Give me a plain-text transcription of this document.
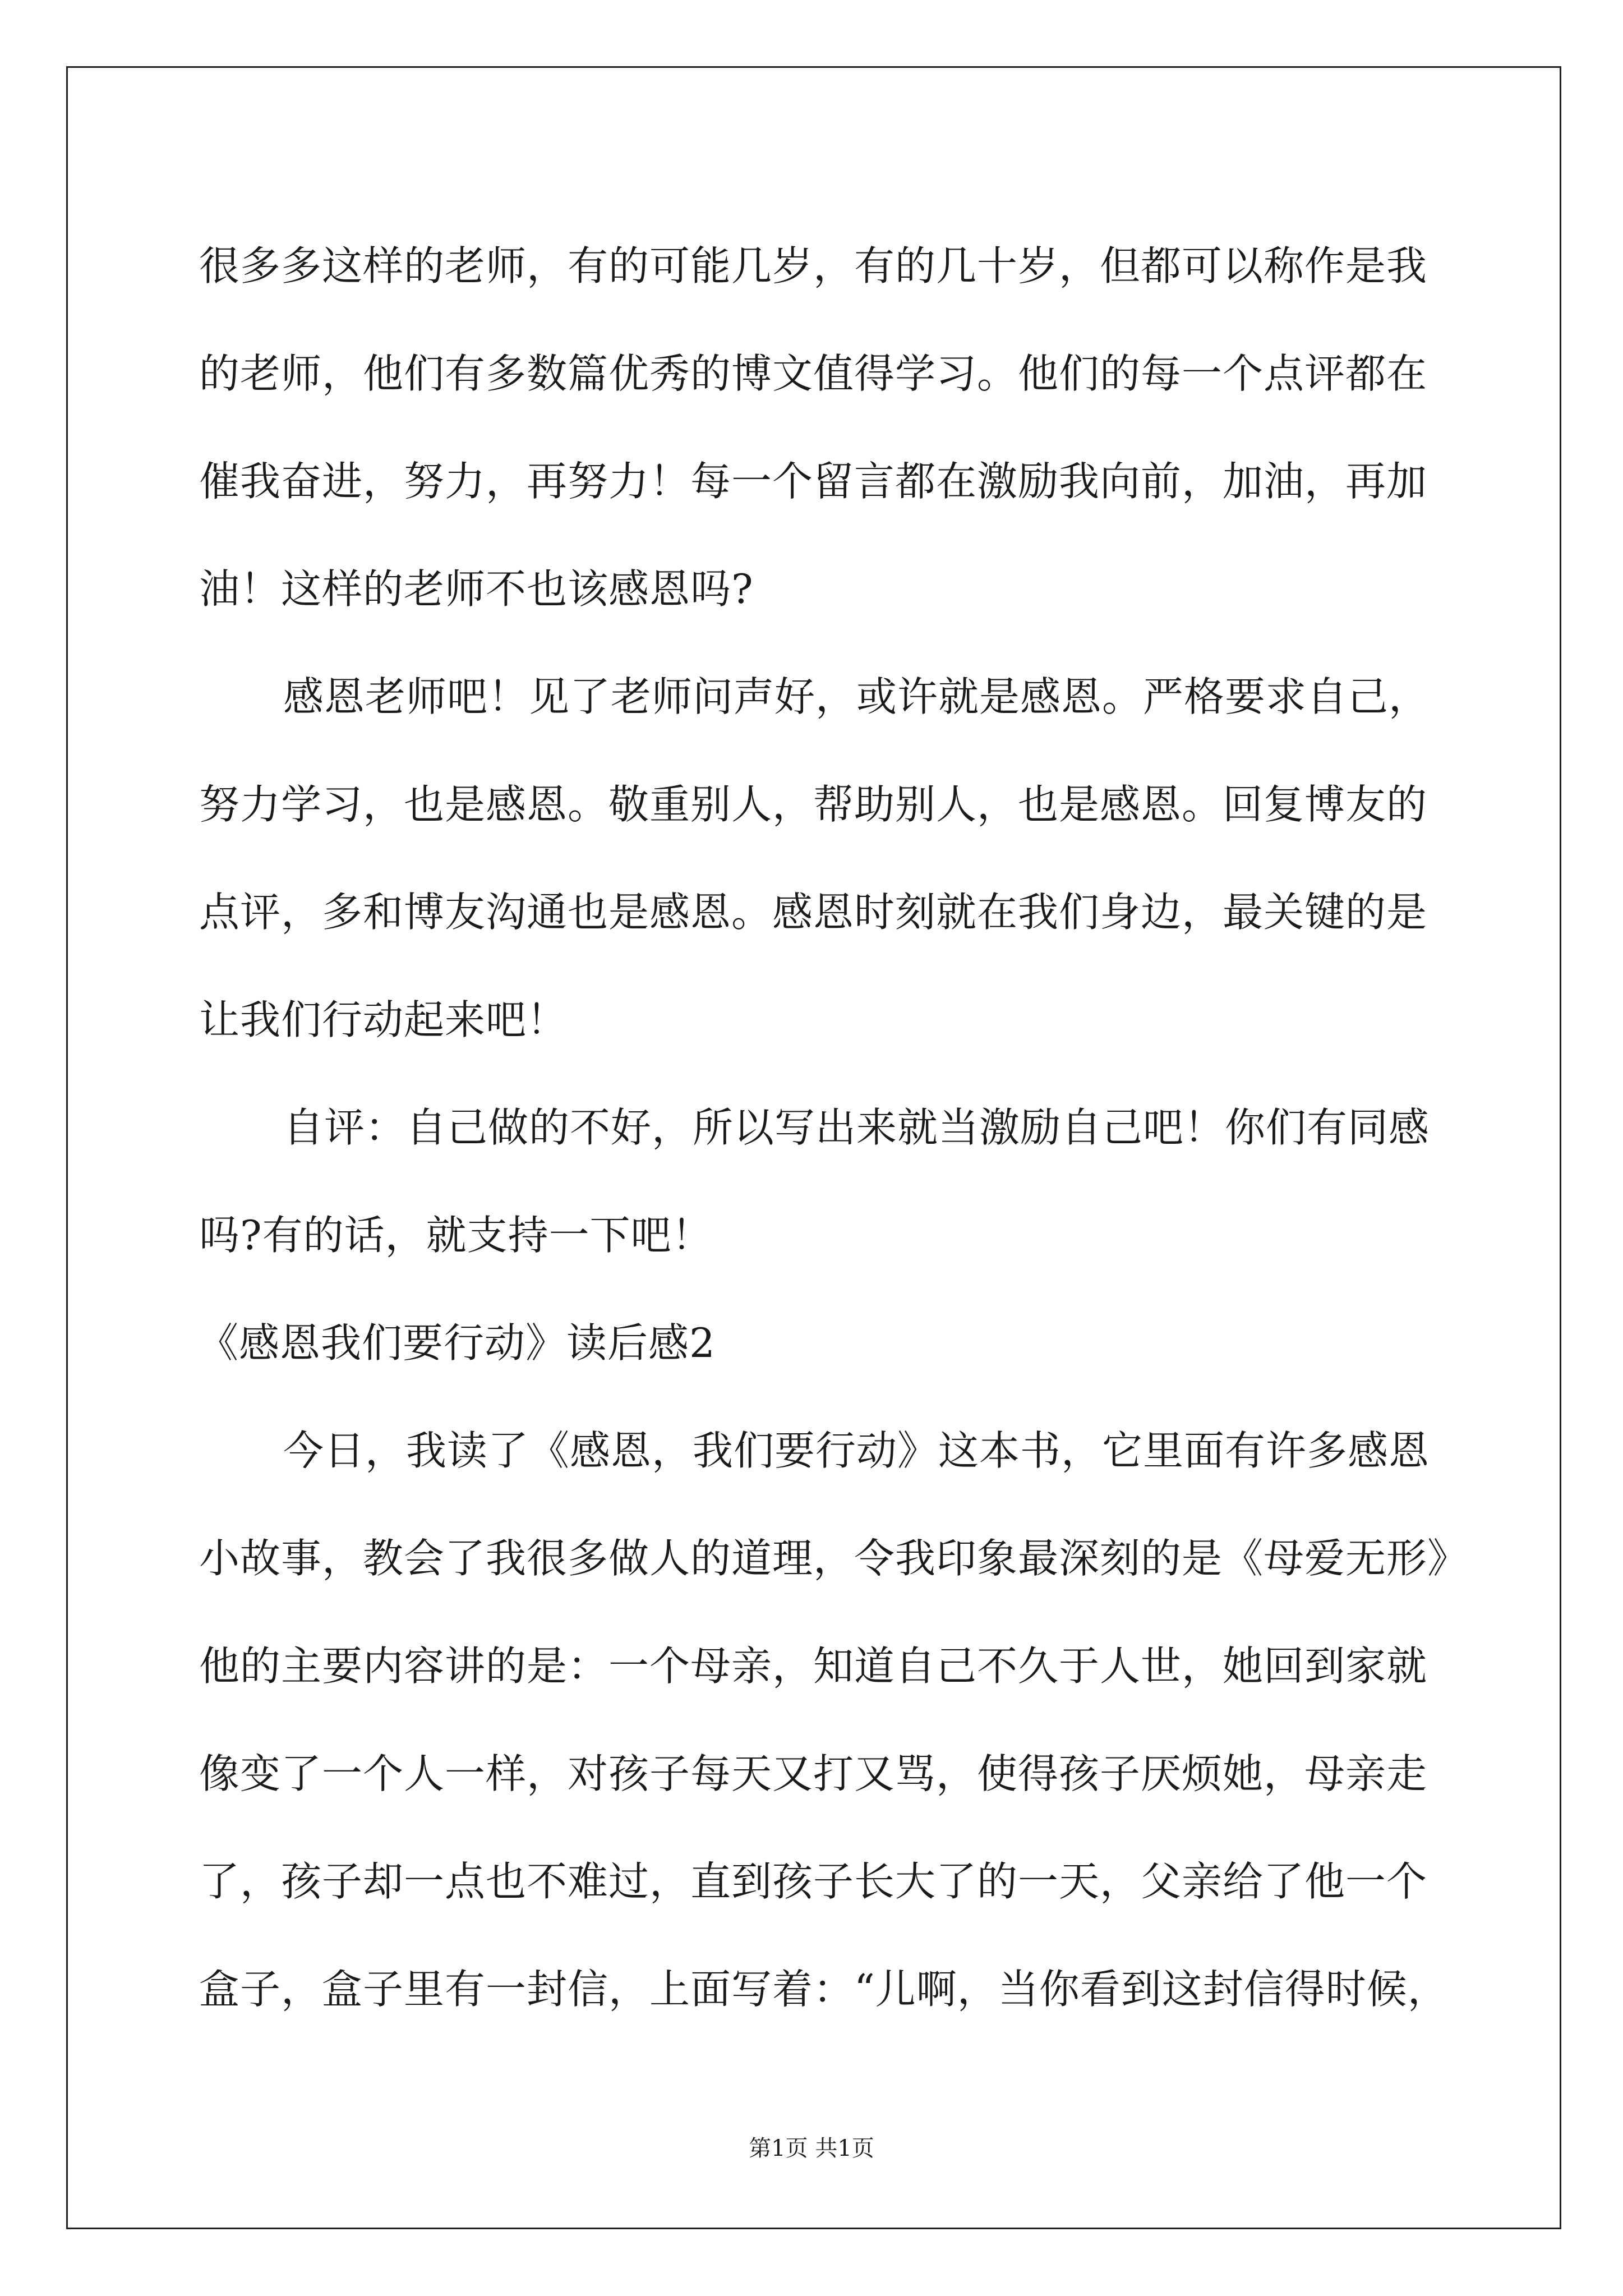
很多多这样的老师，有的可能几岁，有的几十岁，但都可以称作是我
的老师，他们有多数篇优秀的博文值得学习。他们的每一个点评都在
催我奋进，努力，再努力！每一个留言都在激励我向前，加油，再加
油！这样的老师不也该感恩吗?
感恩老师吧！见了老师问声好，或许就是感恩。严格要求自己，
努力学习，也是感恩。敬重别人，帮助别人，也是感恩。回复博友的
点评，多和博友沟通也是感恩。感恩时刻就在我们身边，最关键的是
让我们行动起来吧！
自评：自己做的不好，所以写出来就当激励自己吧！你们有同感
吗?有的话，就支持一下吧！
《感恩我们要行动》读后感2
今日，我读了《感恩，我们要行动》这本书，它里面有许多感恩
小故事，教会了我很多做人的道理，令我印象最深刻的是《母爱无形》
他的主要内容讲的是：一个母亲，知道自己不久于人世，她回到家就
像变了一个人一样，对孩子每天又打又骂，使得孩子厌烦她，母亲走
了，孩子却一点也不难过，直到孩子长大了的一天，父亲给了他一个
盒子，盒子里有一封信，上面写着：“儿啊，当你看到这封信得时候，
第1页 共1页
